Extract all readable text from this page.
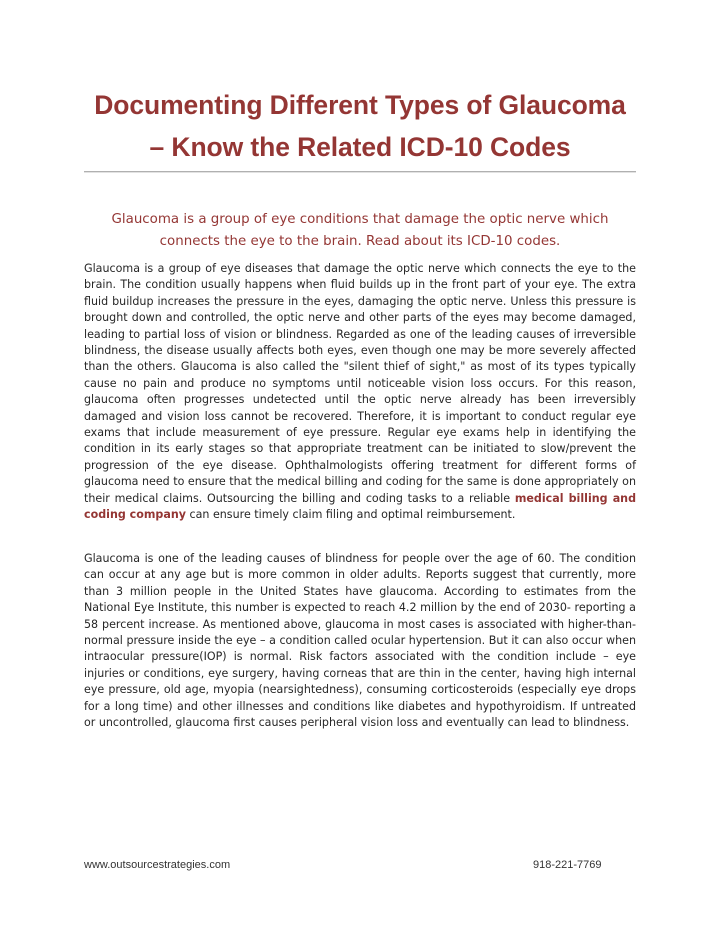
Documenting Different Types of Glaucoma
– Know the Related ICD-10 Codes

Glaucoma is a group of eye conditions that damage the optic nerve which connects the eye to the brain. Read about its ICD-10 codes.

Glaucoma is a group of eye diseases that damage the optic nerve which connects the eye to the brain. The condition usually happens when fluid builds up in the front part of your eye. The extra fluid buildup increases the pressure in the eyes, damaging the optic nerve. Unless this pressure is brought down and controlled, the optic nerve and other parts of the eyes may become damaged, leading to partial loss of vision or blindness. Regarded as one of the leading causes of irreversible blindness, the disease usually affects both eyes, even though one may be more severely affected than the others. Glaucoma is also called the "silent thief of sight," as most of its types typically cause no pain and produce no symptoms until noticeable vision loss occurs. For this reason, glaucoma often progresses undetected until the optic nerve already has been irreversibly damaged and vision loss cannot be recovered. Therefore, it is important to conduct regular eye exams that include measurement of eye pressure. Regular eye exams help in identifying the condition in its early stages so that appropriate treatment can be initiated to slow/prevent the progression of the eye disease. Ophthalmologists offering treatment for different forms of glaucoma need to ensure that the medical billing and coding for the same is done appropriately on their medical claims. Outsourcing the billing and coding tasks to a reliable medical billing and coding company can ensure timely claim filing and optimal reimbursement.

Glaucoma is one of the leading causes of blindness for people over the age of 60. The condition can occur at any age but is more common in older adults. Reports suggest that currently, more than 3 million people in the United States have glaucoma. According to estimates from the National Eye Institute, this number is expected to reach 4.2 million by the end of 2030- reporting a 58 percent increase. As mentioned above, glaucoma in most cases is associated with higher-than-normal pressure inside the eye – a condition called ocular hypertension. But it can also occur when intraocular pressure(IOP) is normal. Risk factors associated with the condition include – eye injuries or conditions, eye surgery, having corneas that are thin in the center, having high internal eye pressure, old age, myopia (nearsightedness), consuming corticosteroids (especially eye drops for a long time) and other illnesses and conditions like diabetes and hypothyroidism. If untreated or uncontrolled, glaucoma first causes peripheral vision loss and eventually can lead to blindness.

www.outsourcestrategies.com	918-221-7769
